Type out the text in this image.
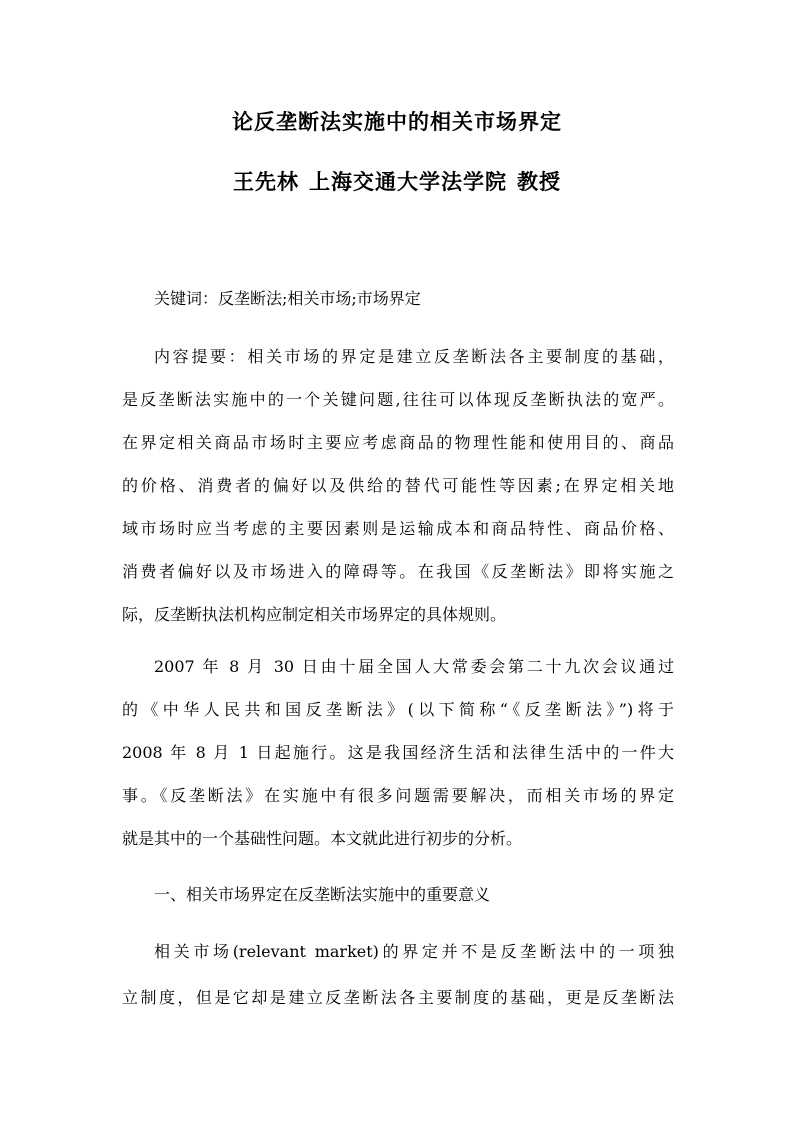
论反垄断法实施中的相关市场界定
王先林 上海交通大学法学院 教授
关键词：反垄断法;相关市场;市场界定
内容提要：相关市场的界定是建立反垄断法各主要制度的基础，
是反垄断法实施中的一个关键问题,往往可以体现反垄断执法的宽严。
在界定相关商品市场时主要应考虑商品的物理性能和使用目的、商品
的价格、消费者的偏好以及供给的替代可能性等因素;在界定相关地
域市场时应当考虑的主要因素则是运输成本和商品特性、商品价格、
消费者偏好以及市场进入的障碍等。在我国《反垄断法》即将实施之
际，反垄断执法机构应制定相关市场界定的具体规则。
2007 年 8 月 30 日由十届全国人大常委会第二十九次会议通过
的《中华人民共和国反垄断法》(以下简称“《反垄断法》”)将于
2008 年 8 月 1 日起施行。这是我国经济生活和法律生活中的一件大
事。《反垄断法》在实施中有很多问题需要解决，而相关市场的界定
就是其中的一个基础性问题。本文就此进行初步的分析。
一、相关市场界定在反垄断法实施中的重要意义
相关市场(relevant market)的界定并不是反垄断法中的一项独
立制度，但是它却是建立反垄断法各主要制度的基础，更是反垄断法
